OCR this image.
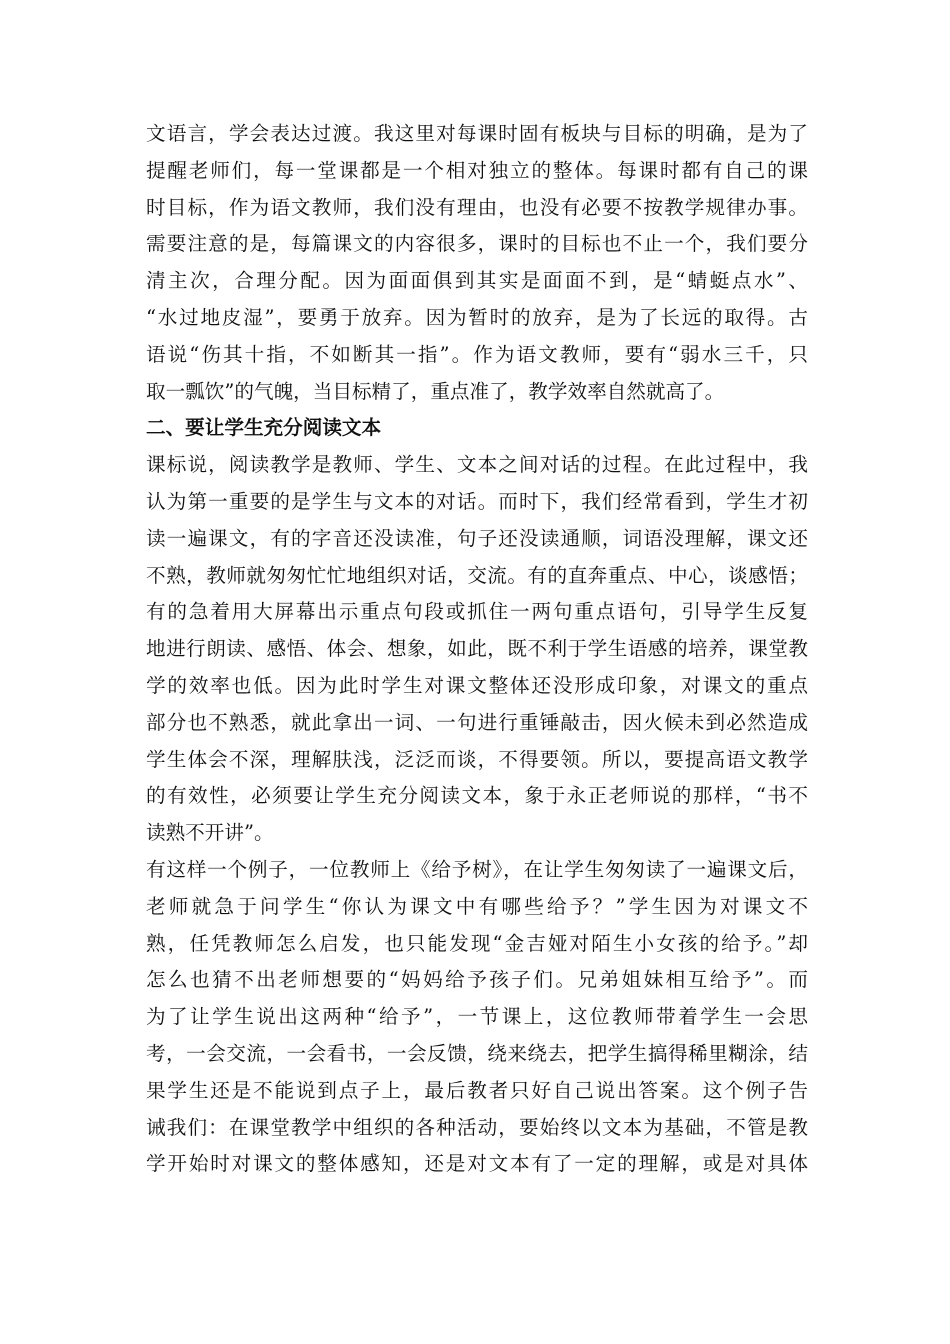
文语言，学会表达过渡。我这里对每课时固有板块与目标的明确，是为了
提醒老师们，每一堂课都是一个相对独立的整体。每课时都有自己的课
时目标，作为语文教师，我们没有理由，也没有必要不按教学规律办事。
需要注意的是，每篇课文的内容很多，课时的目标也不止一个，我们要分
清主次，合理分配。因为面面俱到其实是面面不到，是“蜻蜓点水”、
“水过地皮湿”，要勇于放弃。因为暂时的放弃，是为了长远的取得。古
语说“伤其十指，不如断其一指”。作为语文教师，要有“弱水三千，只
取一瓢饮”的气魄，当目标精了，重点准了，教学效率自然就高了。
二、要让学生充分阅读文本
课标说，阅读教学是教师、学生、文本之间对话的过程。在此过程中，我
认为第一重要的是学生与文本的对话。而时下，我们经常看到，学生才初
读一遍课文，有的字音还没读准，句子还没读通顺，词语没理解，课文还
不熟，教师就匆匆忙忙地组织对话，交流。有的直奔重点、中心，谈感悟；
有的急着用大屏幕出示重点句段或抓住一两句重点语句，引导学生反复
地进行朗读、感悟、体会、想象，如此，既不利于学生语感的培养，课堂教
学的效率也低。因为此时学生对课文整体还没形成印象，对课文的重点
部分也不熟悉，就此拿出一词、一句进行重锤敲击，因火候未到必然造成
学生体会不深，理解肤浅，泛泛而谈，不得要领。所以，要提高语文教学
的有效性，必须要让学生充分阅读文本，象于永正老师说的那样，“书不
读熟不开讲”。
有这样一个例子，一位教师上《给予树》，在让学生匆匆读了一遍课文后，
老师就急于问学生“你认为课文中有哪些给予？”学生因为对课文不
熟，任凭教师怎么启发，也只能发现“金吉娅对陌生小女孩的给予。”却
怎么也猜不出老师想要的“妈妈给予孩子们。兄弟姐妹相互给予”。而
为了让学生说出这两种“给予”，一节课上，这位教师带着学生一会思
考，一会交流，一会看书，一会反馈，绕来绕去，把学生搞得稀里糊涂，结
果学生还是不能说到点子上，最后教者只好自己说出答案。这个例子告
诫我们：在课堂教学中组织的各种活动，要始终以文本为基础，不管是教
学开始时对课文的整体感知，还是对文本有了一定的理解，或是对具体
